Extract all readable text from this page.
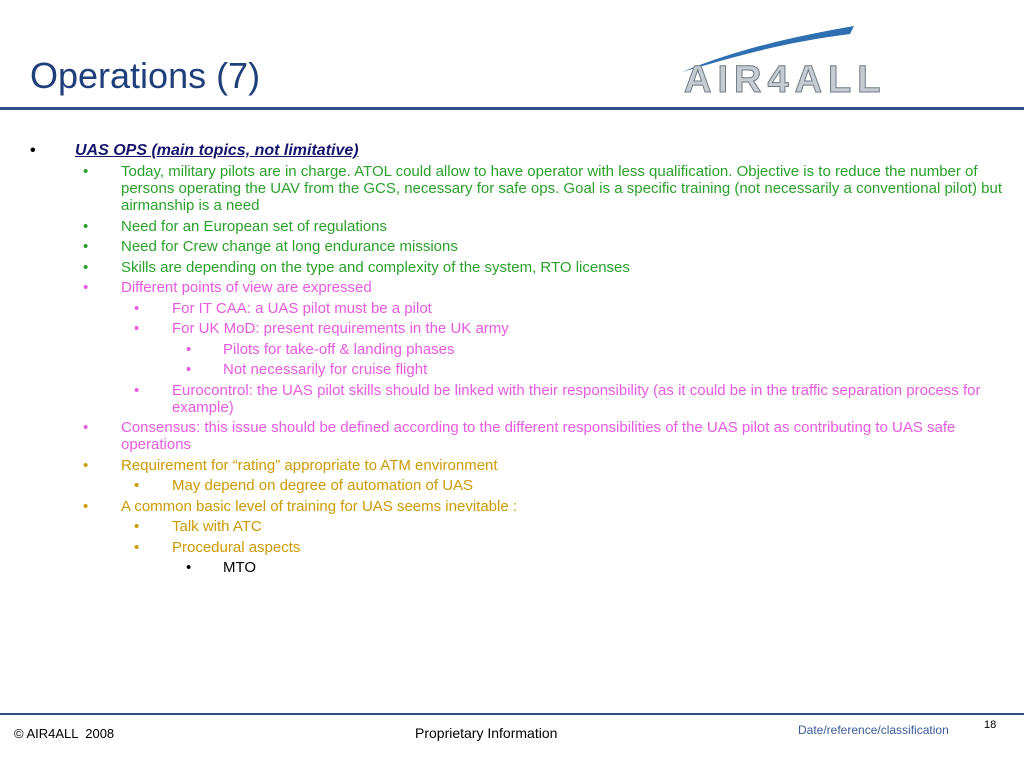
Operations (7)	AIR4ALL
• UAS OPS (main topics, not limitative)
• Today, military pilots are in charge. ATOL could allow to have operator with less qualification. Objective is to reduce the number of persons operating the UAV from the GCS, necessary for safe ops. Goal is a specific training (not necessarily a conventional pilot) but airmanship is a need
• Need for an European set of regulations
• Need for Crew change at long endurance missions
• Skills are depending on the type and complexity of the system, RTO licenses
• Different points of view are expressed
• For IT CAA: a UAS pilot must be a pilot
• For UK MoD: present requirements in the UK army
• Pilots for take-off & landing phases
• Not necessarily for cruise flight
• Eurocontrol: the UAS pilot skills should be linked with their responsibility (as it could be in the traffic separation process for example)
• Consensus: this issue should be defined according to the different responsibilities of the UAS pilot as contributing to UAS safe operations
• Requirement for “rating” appropriate to ATM environment
• May depend on degree of automation of UAS
• A common basic level of training for UAS seems inevitable :
• Talk with ATC
• Procedural aspects
• MTO
© AIR4ALL  2008	Proprietary Information	Date/reference/classification	18
